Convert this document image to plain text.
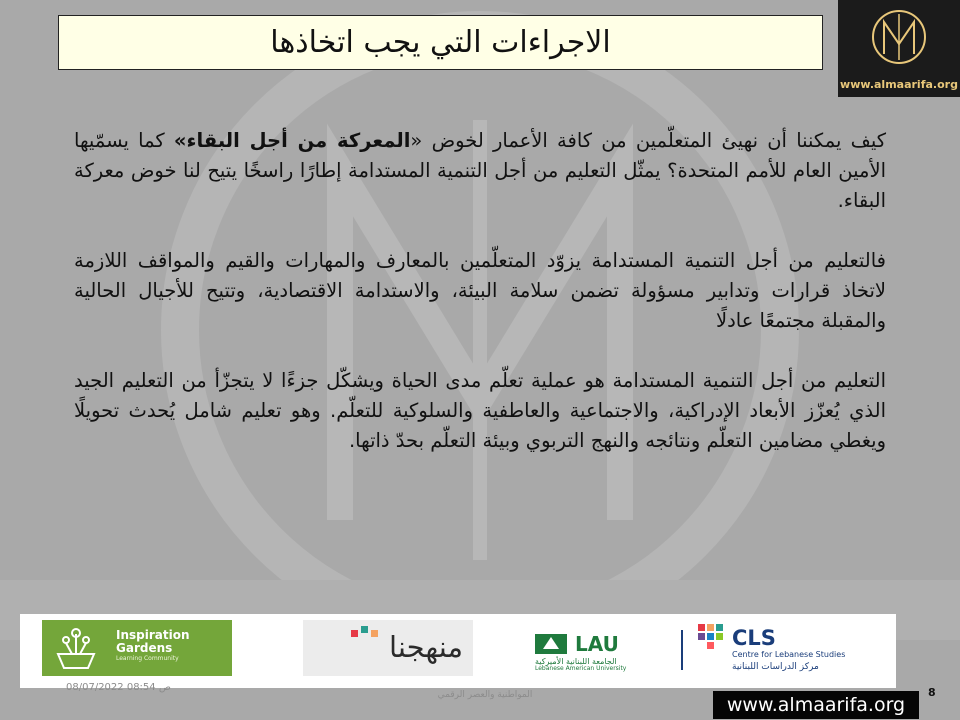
الاجراءات التي يجب اتخاذها
www.almaarifa.org

كيف يمكننا أن نهيئ المتعلّمين من كافة الأعمار لخوض «المعركة من أجل البقاء» كما يسمّيها الأمين العام للأمم المتحدة؟ يمثّل التعليم من أجل التنمية المستدامة إطارًا راسخًا يتيح لنا خوض معركة البقاء.

فالتعليم من أجل التنمية المستدامة يزوّد المتعلّمين بالمعارف والمهارات والقيم والمواقف اللازمة لاتخاذ قرارات وتدابير مسؤولة تضمن سلامة البيئة، والاستدامة الاقتصادية، وتتيح للأجيال الحالية والمقبلة مجتمعًا عادلًا

التعليم من أجل التنمية المستدامة هو عملية تعلّم مدى الحياة ويشكّل جزءًا لا يتجزّأ من التعليم الجيد الذي يُعزّز الأبعاد الإدراكية، والاجتماعية والعاطفية والسلوكية للتعلّم. وهو تعليم شامل يُحدث تحويلًا ويغطي مضامين التعلّم ونتائجه والنهج التربوي وبيئة التعلّم بحدّ ذاتها.

Inspiration
Gardens
Learning Community	منهجنا	LAU
الجامعة اللبنانية الأميركية
Lebanese American University
CLS
Centre for Lebanese Studies
مركز الدراسات اللبنانية
ص 08:54 08/07/2022
المواطنية والعصر الرقمي	www.almaarifa.org
8
